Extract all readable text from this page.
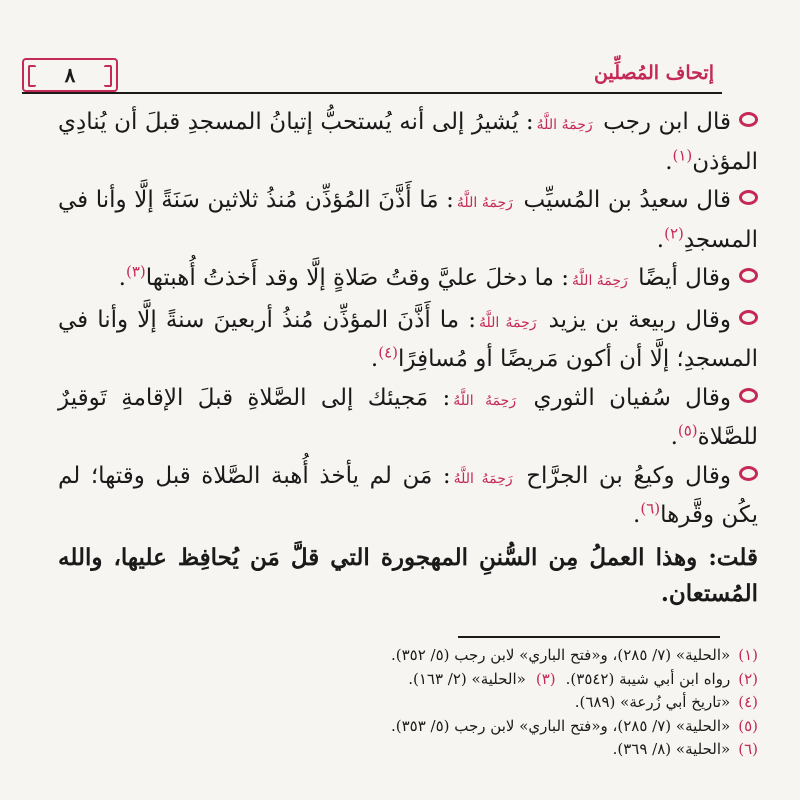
٨	إتحاف المُصلِّين

قال ابن رجب رَحِمَهُ اللَّهُ: يُشيرُ إلى أنه يُستحبُّ إتيانُ المسجدِ قبلَ أن يُنادِي المؤذن$^{(١)}$.

قال سعيدُ بن المُسيِّب رَحِمَهُ اللَّهُ: مَا أَذَّنَ المُؤذِّن مُنذُ ثلاثين سَنَةً إلَّا وأنا في المسجدِ$^{(٢)}$.

وقال أيضًا رَحِمَهُ اللَّهُ: ما دخلَ عليَّ وقتُ صَلاةٍ إلَّا وقد أَخذتُ أُهبتها$^{(٣)}$.

وقال ربيعة بن يزيد رَحِمَهُ اللَّهُ: ما أَذَّنَ المؤذِّن مُنذُ أربعينَ سنةً إلَّا وأنا في المسجدِ؛ إلَّا أن أكون مَريضًا أو مُسافِرًا$^{(٤)}$.

وقال سُفيان الثوري رَحِمَهُ اللَّهُ: مَجيئك إلى الصَّلاةِ قبلَ الإقامةِ تَوقيرٌ للصَّلاة$^{(٥)}$.

وقال وكيعُ بن الجرَّاح رَحِمَهُ اللَّهُ: مَن لم يأخذ أُهبة الصَّلاة قبل وقتها؛ لم يكُن وقَّرها$^{(٦)}$.

قلت: وهذا العملُ مِن السُّننِ المهجورة التي قلَّ مَن يُحافِظ عليها، والله المُستعان.

(١)«الحلية» (٧/ ٢٨٥)، و«فتح الباري» لابن رجب (٥/ ٣٥٢).
(٢)رواه ابن أبي شيبة (٣٥٤٢).(٣)«الحلية» (٢/ ١٦٣).
(٤)«تاريخ أبي زُرعة» (٦٨٩).
(٥)«الحلية» (٧/ ٢٨٥)، و«فتح الباري» لابن رجب (٥/ ٣٥٣).
(٦)«الحلية» (٨/ ٣٦٩).
